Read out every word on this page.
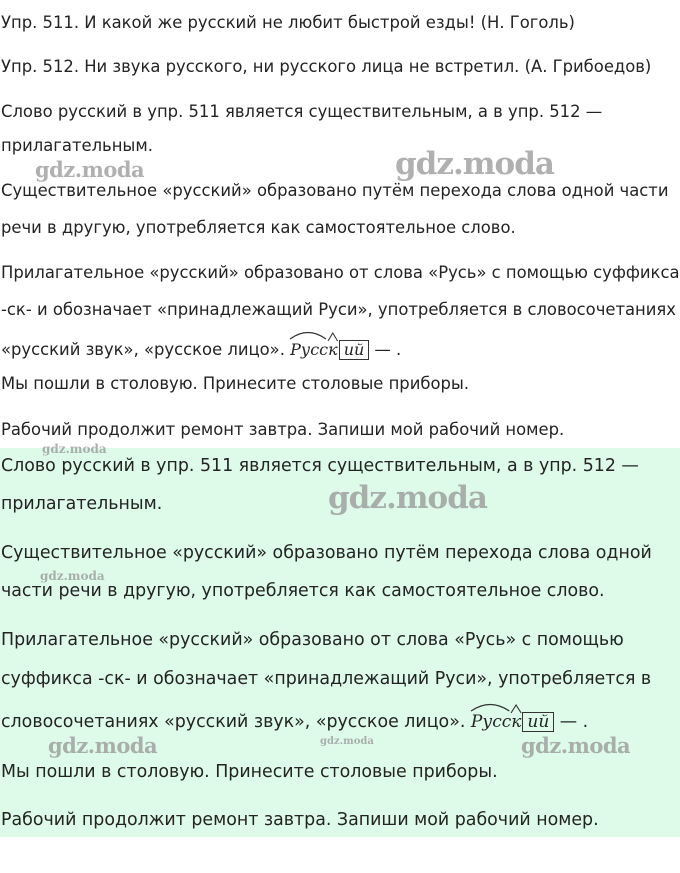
Упр. 511. И какой же русский не любит быстрой езды! (Н. Гоголь)

Упр. 512. Ни звука русского, ни русского лица не встретил. (А. Грибоедов)

Слово русский в упр. 511 является существительным, а в упр. 512 —

прилагательным.

Существительное «русский» образовано путём перехода слова одной части

речи в другую, употребляется как самостоятельное слово.

Прилагательное «русский» образовано от слова «Русь» с помощью суффикса

-ск- и обозначает «принадлежащий Руси», употребляется в словосочетаниях

«русский звук», «русское лицо». Русс
к ий — .

Мы пошли в столовую. Принесите столовые приборы.

Рабочий продолжит ремонт завтра. Запиши мой рабочий номер.

Слово русский в упр. 511 является существительным, а в упр. 512 —

прилагательным.

Существительное «русский» образовано путём перехода слова одной

части речи в другую, употребляется как самостоятельное слово.

Прилагательное «русский» образовано от слова «Русь» с помощью

суффикса -ск- и обозначает «принадлежащий Руси», употребляется в

словосочетаниях «русский звук», «русское лицо». Русс
к ий — .

Мы пошли в столовую. Принесите столовые приборы.

Рабочий продолжит ремонт завтра. Запиши мой рабочий номер.

gdz.moda	gdz.moda
gdz.moda
gdz.moda
gdz.moda
gdz.moda	gdz.moda	gdz.moda
